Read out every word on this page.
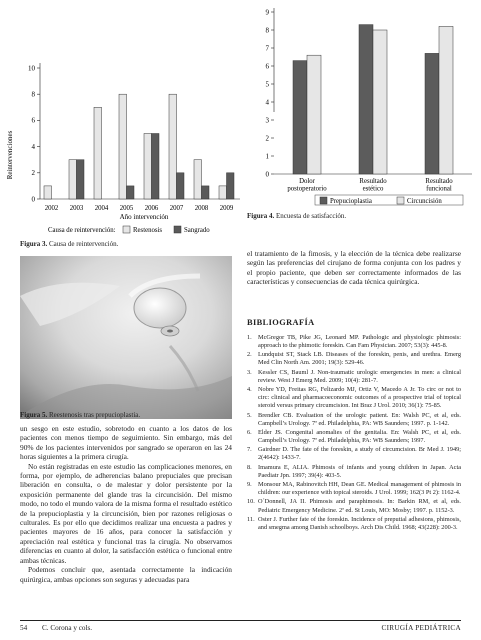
Reintervenciones
0
2
4
6
8
10
2002 2003 2004 2005 2006 2007 2008 2009
Año intervención
Causa de reintervención:	Restenosis	Sangrado
Figura 3. Causa de reintervención.
0
1
2
3
4
5
6
7
8
9
Dolor postoperatorio
Resultado estético
Resultado funcional
Prepucioplastia	Circuncisión
Figura 4. Encuesta de satisfacción.
Figura 5. Reestenosis tras prepucioplastia.

un sesgo en este estudio, sobretodo en cuanto a los datos de los pacientes con menos tiempo de seguimiento. Sin embargo, más del 90% de los pacientes intervenidos por sangrado se operaron en las 24 horas siguientes a la primera cirugía.

No están registradas en este estudio las complicaciones menores, en forma, por ejemplo, de adherencias balano prepuciales que precisan liberación en consulta, o de malestar y dolor persistente por la exposición permanente del glande tras la circuncisión. Del mismo modo, no todo el mundo valora de la misma forma el resultado estético de la prepucioplastia y la circuncisión, bien por razones religiosas o culturales. Es por ello que decidimos realizar una encuesta a padres y pacientes mayores de 16 años, para conocer la satisfacción y apreciación real estética y funcional tras la cirugía. No observamos diferencias en cuanto al dolor, la satisfacción estética o funcional entre ambas técnicas.

Podemos concluir que, asentada correctamente la indicación quirúrgica, ambas opciones son seguras y adecuadas para

el tratamiento de la fimosis, y la elección de la técnica debe realizarse según las preferencias del cirujano de forma conjunta con los padres y el propio paciente, que deben ser correctamente informados de las características y consecuencias de cada técnica quirúrgica.

BIBLIOGRAFÍA
1. McGregor TB, Pike JG, Leonard MP. Pathologic and physiologic phimosis: approach to the phimotic foreskin. Can Fam Physician. 2007; 53(3): 445-8.
2. Lundquist ST, Stack LB. Diseases of the foreskin, penis, and urethra. Emerg Med Clin North Am. 2001; 19(3): 529-46.
3. Kessler CS, Bauml J. Non-traumatic urologic emergencies in men: a clinical review. West J Emerg Med. 2009; 10(4): 281-7.
4. Nobre YD, Freitas RG, Felizardo MJ, Ortiz V, Macedo A Jr. To circ or not to circ: clinical and pharmacoeconomic outcomes of a prospective trial of topical steroid versus primary circumcision. Int Braz J Urol. 2010; 36(1): 75-85.
5. Brendler CB. Evaluation of the urologic patient. En: Walsh PC, et al, eds. Campbell’s Urology. 7ª ed. Philadelphia, PA: WB Saunders; 1997. p. 1-142.
6. Elder JS. Congenital anomalies of the genitalia. En: Walsh PC, et al, eds. Campbell’s Urology. 7ª ed. Philadelphia, PA: WB Saunders; 1997.
7. Gairdner D. The fate of the foreskin, a study of circumcision. Br Med J. 1949; 2(4642): 1433-7.
8. Imamura E, ALIA. Phimosis of infants and young children in Japan. Acta Paediatr Jpn. 1997; 39(4): 403-5.
9. Monsour MA, Rabinovitch HH, Dean GE. Medical management of phimosis in children: our experience with topical steroids. J Urol. 1999; 162(3 Pt 2): 1162-4.
10. O´Donnell, JA II. Phimosis and paraphimosis. In: Barkin RM, et al, eds. Pediatric Emergency Medicine. 2ª ed. St Louis, MO: Mosby; 1997. p. 1152-3.
11. Oster J. Further fate of the foreskin. Incidence of preputial adhesions, phimosis, and smegma among Danish schoolboys. Arch Dis Child. 1968; 43(228): 200-3.
54 C. Corona y cols.	CIRUGÍA PEDIÁTRICA
